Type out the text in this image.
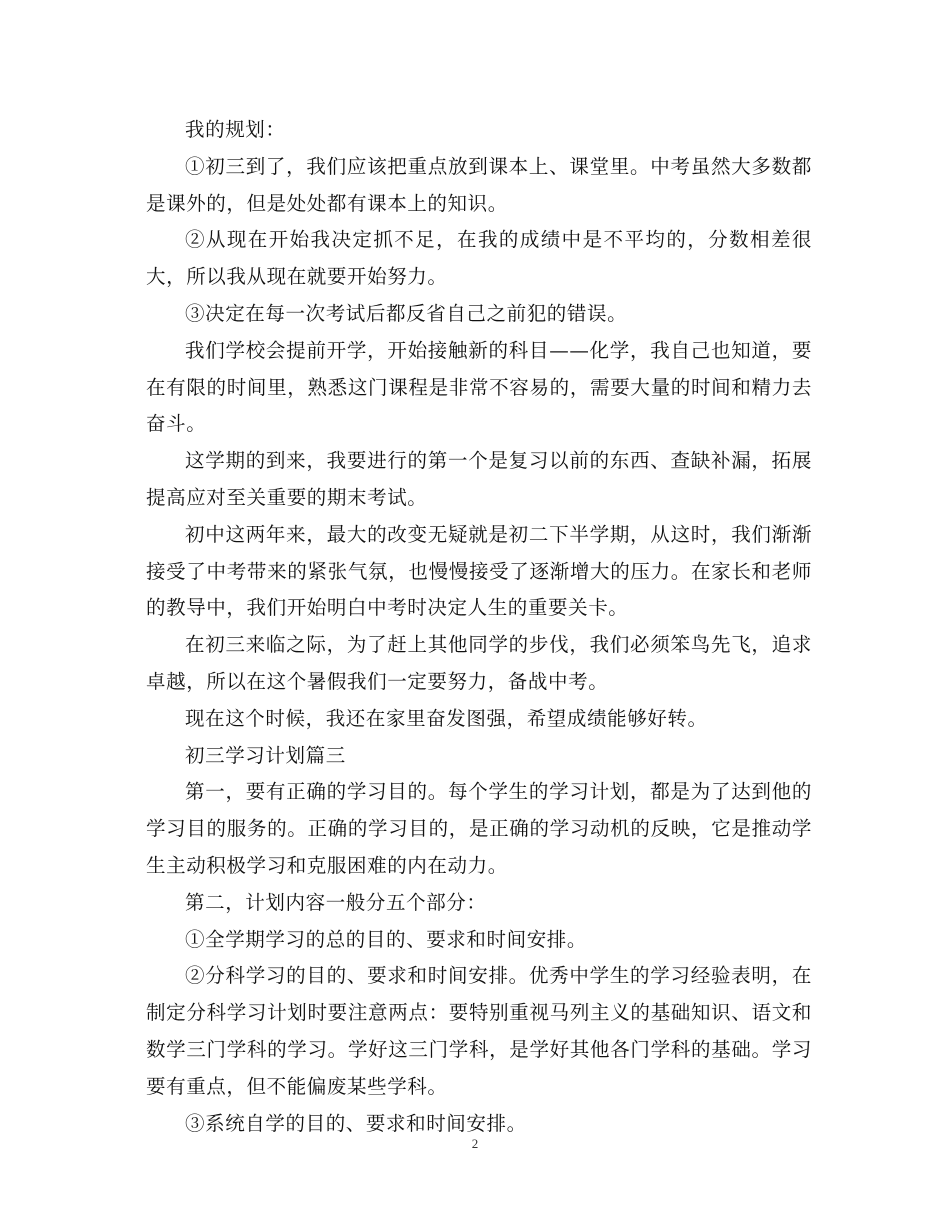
我的规划：

①初三到了，我们应该把重点放到课本上、课堂里。中考虽然大多数都是课外的，但是处处都有课本上的知识。

②从现在开始我决定抓不足，在我的成绩中是不平均的，分数相差很大，所以我从现在就要开始努力。

③决定在每一次考试后都反省自己之前犯的错误。

我们学校会提前开学，开始接触新的科目——化学，我自己也知道，要在有限的时间里，熟悉这门课程是非常不容易的，需要大量的时间和精力去奋斗。

这学期的到来，我要进行的第一个是复习以前的东西、查缺补漏，拓展提高应对至关重要的期末考试。

初中这两年来，最大的改变无疑就是初二下半学期，从这时，我们渐渐接受了中考带来的紧张气氛，也慢慢接受了逐渐增大的压力。在家长和老师的教导中，我们开始明白中考时决定人生的重要关卡。

在初三来临之际，为了赶上其他同学的步伐，我们必须笨鸟先飞，追求卓越，所以在这个暑假我们一定要努力，备战中考。

现在这个时候，我还在家里奋发图强，希望成绩能够好转。

初三学习计划篇三

第一，要有正确的学习目的。每个学生的学习计划，都是为了达到他的学习目的服务的。正确的学习目的，是正确的学习动机的反映，它是推动学生主动积极学习和克服困难的内在动力。

第二，计划内容一般分五个部分：

①全学期学习的总的目的、要求和时间安排。

②分科学习的目的、要求和时间安排。优秀中学生的学习经验表明，在制定分科学习计划时要注意两点：要特别重视马列主义的基础知识、语文和数学三门学科的学习。学好这三门学科，是学好其他各门学科的基础。学习要有重点，但不能偏废某些学科。

③系统自学的目的、要求和时间安排。

2
